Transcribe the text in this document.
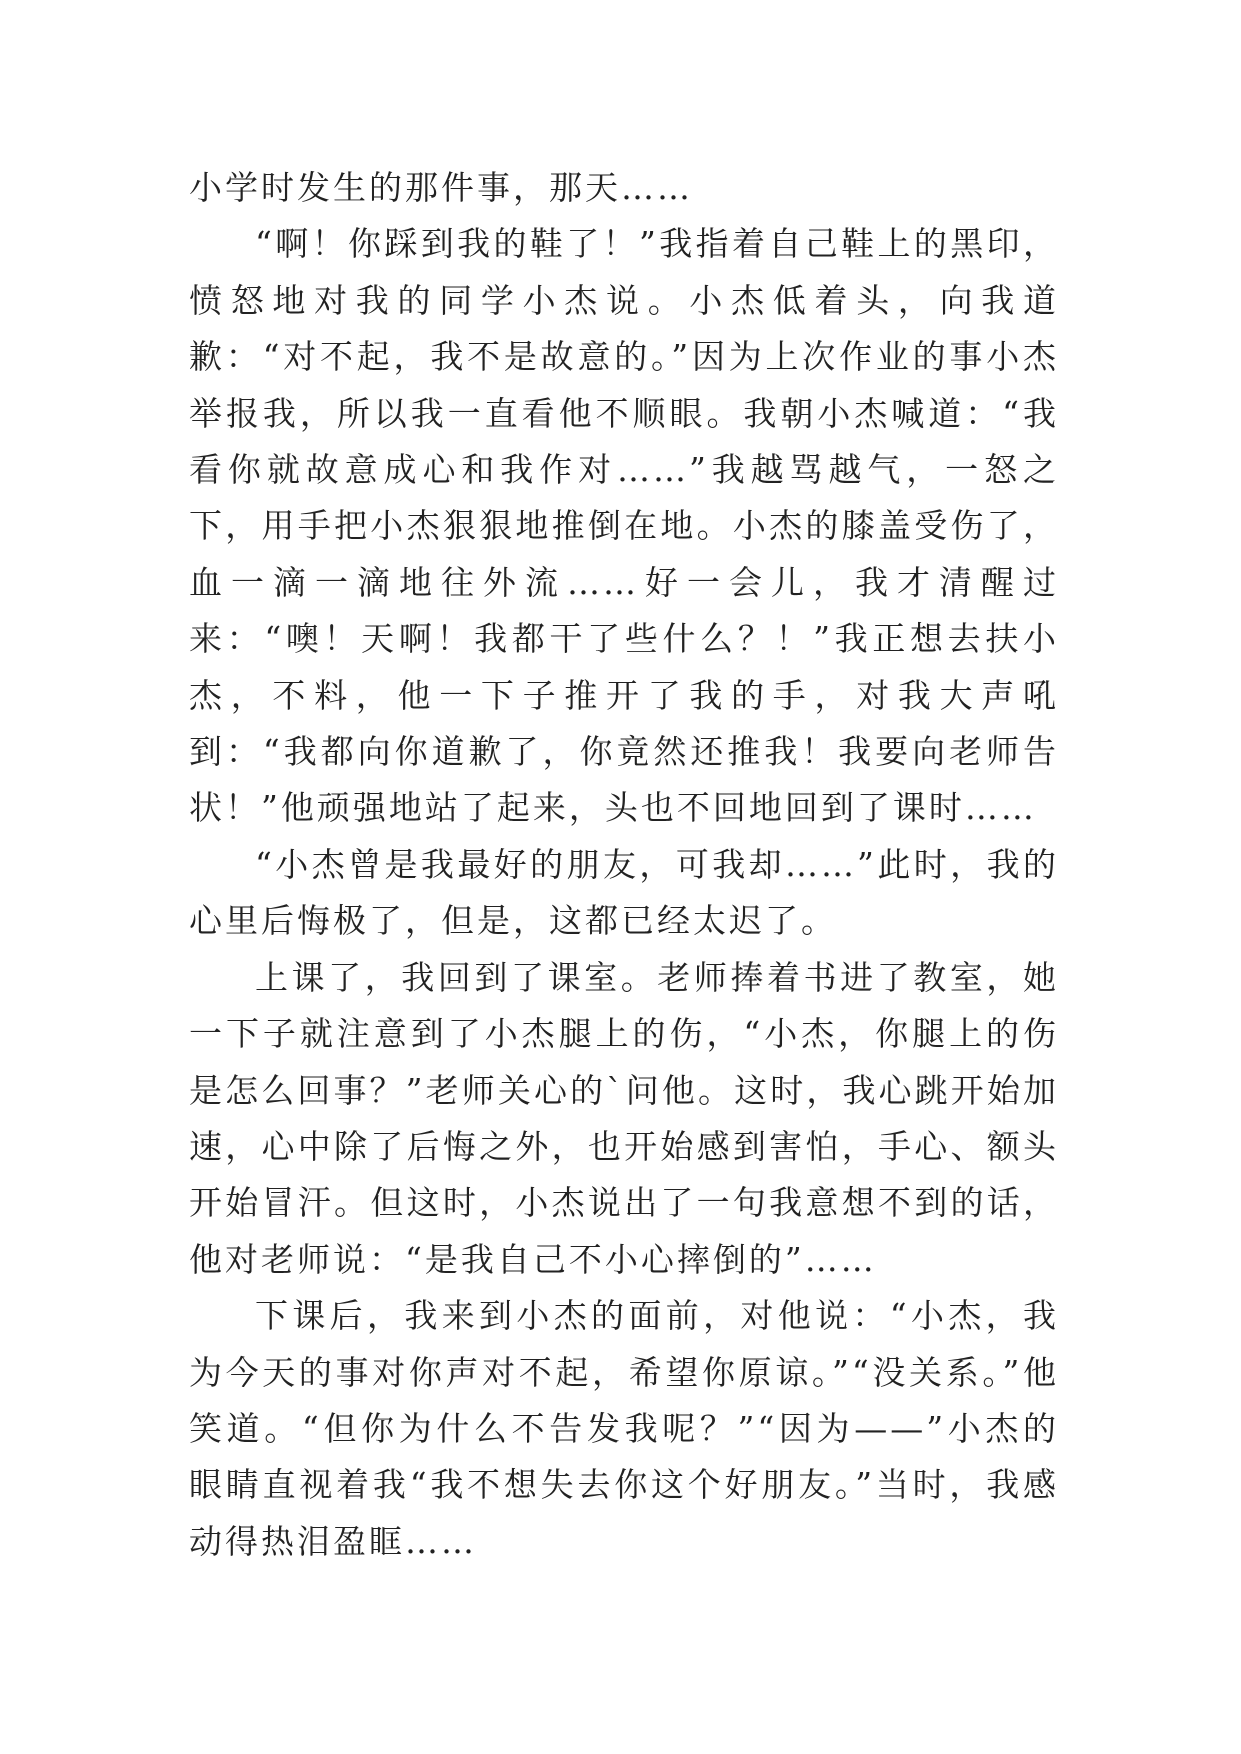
小学时发生的那件事，那天……

“啊！你踩到我的鞋了！”我指着自己鞋上的黑印，愤怒地对我的同学小杰说。小杰低着头，向我道歉：“对不起，我不是故意的。”因为上次作业的事小杰举报我，所以我一直看他不顺眼。我朝小杰喊道：“我看你就故意成心和我作对……”我越骂越气，一怒之下，用手把小杰狠狠地推倒在地。小杰的膝盖受伤了，血一滴一滴地往外流……好一会儿，我才清醒过来：“噢！天啊！我都干了些什么？！”我正想去扶小杰，不料，他一下子推开了我的手，对我大声吼到：“我都向你道歉了，你竟然还推我！我要向老师告状！”他顽强地站了起来，头也不回地回到了课时……

“小杰曾是我最好的朋友，可我却……”此时，我的心里后悔极了，但是，这都已经太迟了。

上课了，我回到了课室。老师捧着书进了教室，她一下子就注意到了小杰腿上的伤，“小杰，你腿上的伤是怎么回事？”老师关心的`问他。这时，我心跳开始加速，心中除了后悔之外，也开始感到害怕，手心、额头开始冒汗。但这时，小杰说出了一句我意想不到的话，他对老师说：“是我自己不小心摔倒的”……

下课后，我来到小杰的面前，对他说：“小杰，我为今天的事对你声对不起，希望你原谅。”“没关系。”他笑道。“但你为什么不告发我呢？”“因为——”小杰的眼睛直视着我“我不想失去你这个好朋友。”当时，我感动得热泪盈眶……
